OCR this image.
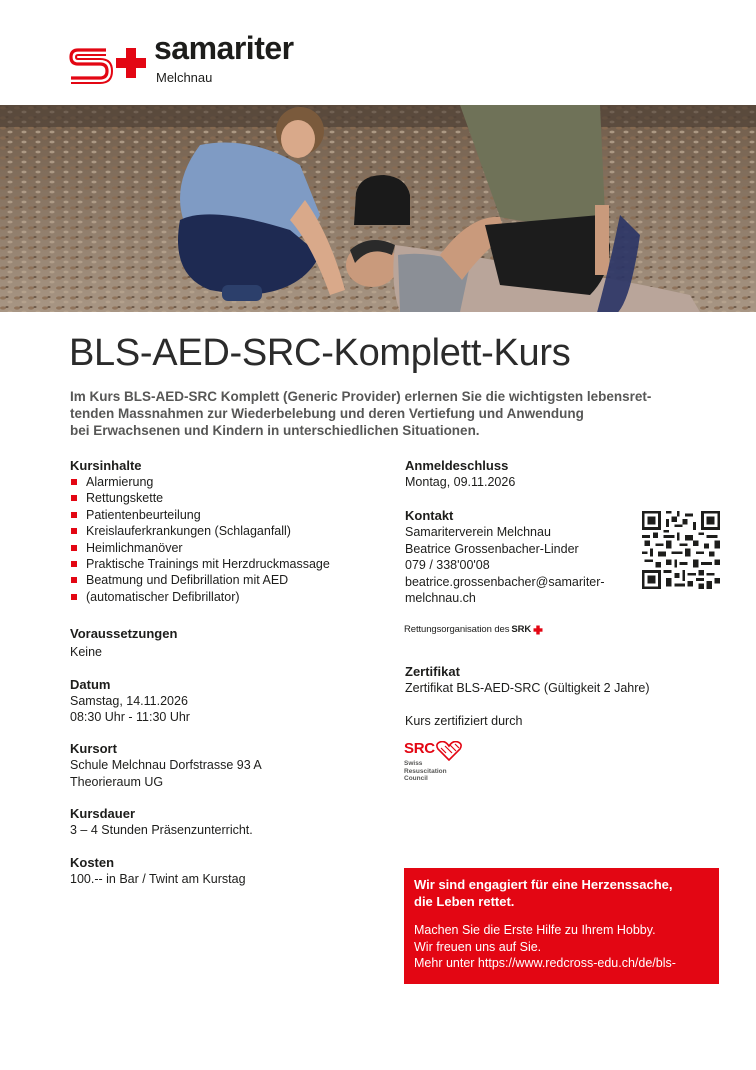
samariter
Melchnau
BLS-AED-SRC-Komplett-Kurs

Im Kurs BLS-AED-SRC Komplett (Generic Provider) erlernen Sie die wichtigsten lebensret-
tenden Massnahmen zur Wiederbelebung und deren Vertiefung und Anwendung
bei Erwachsenen und Kindern in unterschiedlichen Situationen.

Kursinhalte
Alarmierung
Rettungskette
Patientenbeurteilung
Kreislauferkrankungen (Schlaganfall)
Heimlichmanöver
Praktische Trainings mit Herzdruckmassage
Beatmung und Defibrillation mit AED
(automatischer Defibrillator)
Voraussetzungen

Keine

Datum
Samstag, 14.11.2026
08:30 Uhr - 11:30 Uhr
Kursort
Schule Melchnau Dorfstrasse 93 A
Theorieraum UG
Kursdauer

3 – 4 Stunden Präsenzunterricht.

Kosten

100.-- in Bar / Twint am Kurstag

Anmeldeschluss

Montag, 09.11.2026

Kontakt
Samariterverein Melchnau
Beatrice Grossenbacher-Linder
079 / 338'00'08
beatrice.grossenbacher@samariter-
melchnau.ch
Zertifikat

Zertifikat BLS-AED-SRC (Gültigkeit 2 Jahre)

Kurs zertifiziert durch

Rettungsorganisation des SRK
SRC
Swiss
Resuscitation
Council
Wir sind engagiert für eine Herzenssache,
die Leben rettet.
Machen Sie die Erste Hilfe zu Ihrem Hobby.
Wir freuen uns auf Sie.
Mehr unter https://www.redcross-edu.ch/de/bls-
